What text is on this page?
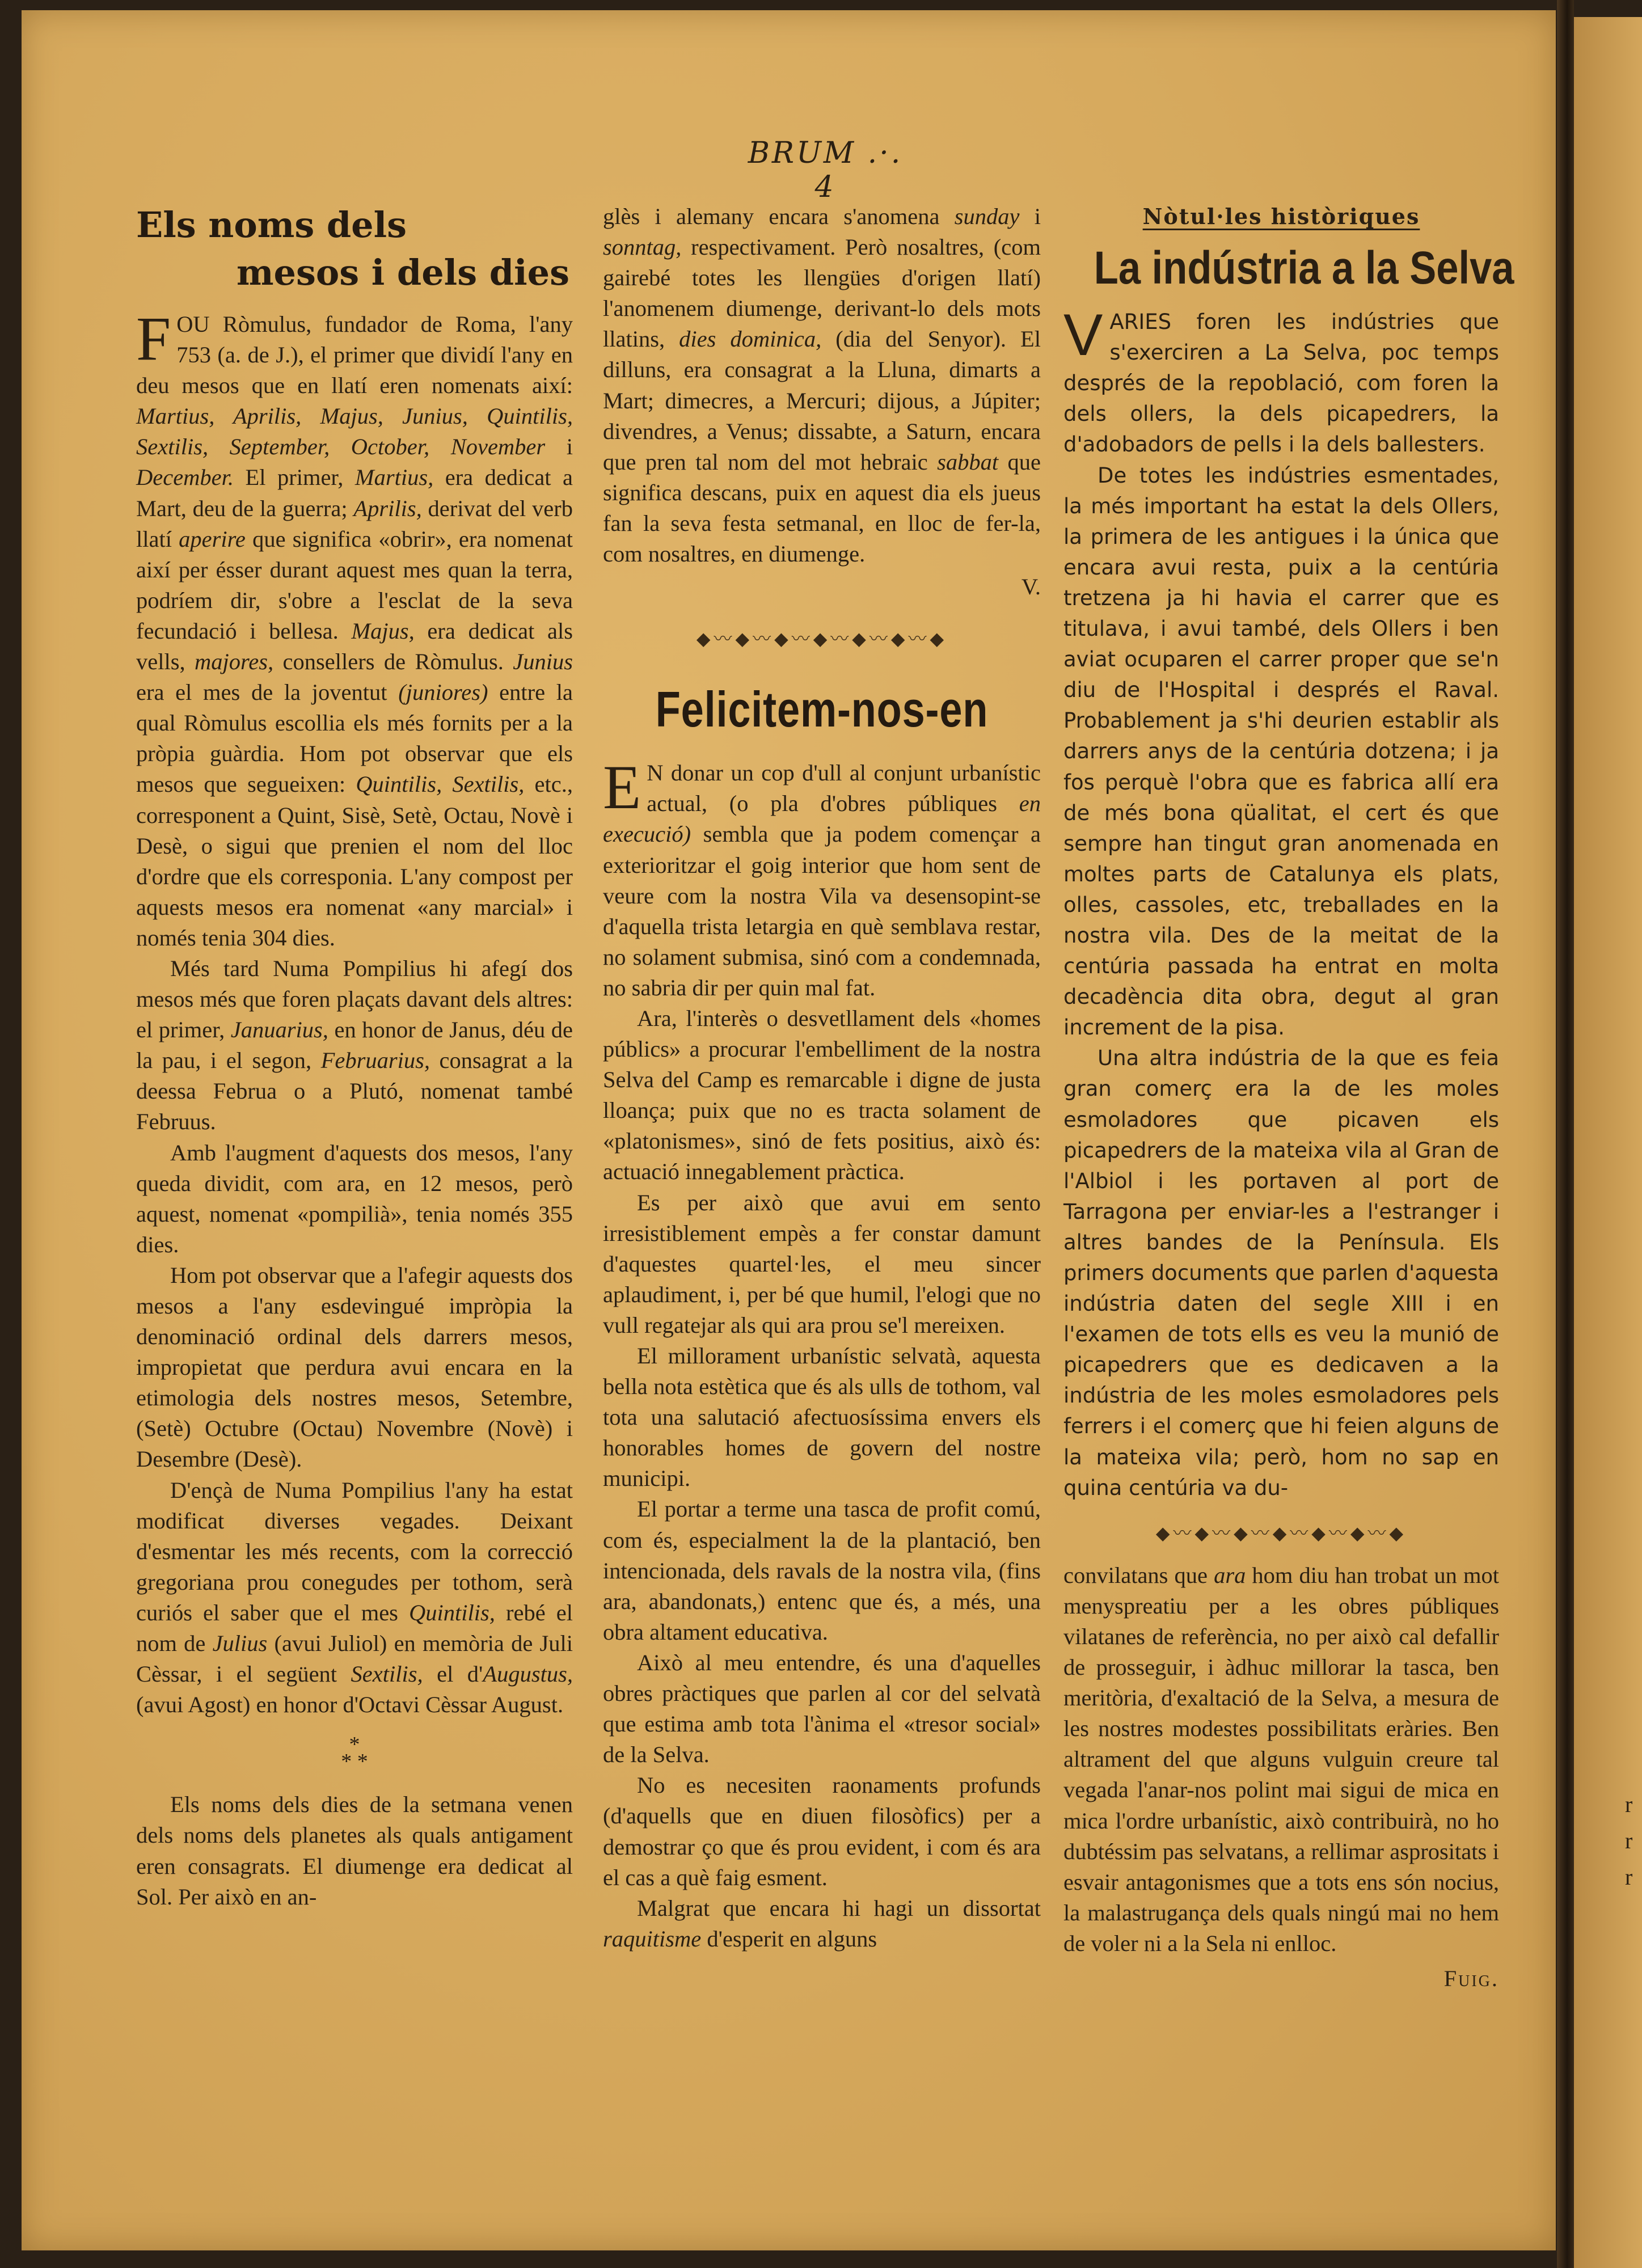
BRUM .·. 4
Els noms dels
mesos i dels dies

FOU Ròmulus, fundador de Roma, l'any 753 (a. de J.), el primer que dividí l'any en deu mesos que en llatí eren nomenats així: Martius, Aprilis, Majus, Junius, Quintilis, Sextilis, September, October, November i December. El primer, Martius, era dedicat a Mart, deu de la guerra; Aprilis, derivat del verb llatí aperire que significa «obrir», era nomenat així per ésser durant aquest mes quan la terra, podríem dir, s'obre a l'esclat de la seva fecundació i bellesa. Majus, era dedicat als vells, majores, consellers de Ròmulus. Junius era el mes de la joventut (juniores) entre la qual Ròmulus escollia els més fornits per a la pròpia guàrdia. Hom pot observar que els mesos que segueixen: Quintilis, Sextilis, etc., corresponent a Quint, Sisè, Setè, Octau, Novè i Desè, o sigui que prenien el nom del lloc d'ordre que els corresponia. L'any compost per aquests mesos era nomenat «any marcial» i només tenia 304 dies.

Més tard Numa Pompilius hi afegí dos mesos més que foren plaçats davant dels altres: el primer, Januarius, en honor de Janus, déu de la pau, i el segon, Februarius, consagrat a la deessa Februa o a Plutó, nomenat també Februus.

Amb l'augment d'aquests dos mesos, l'any queda dividit, com ara, en 12 mesos, però aquest, nomenat «pompilià», tenia només 355 dies.

Hom pot observar que a l'afegir aquests dos mesos a l'any esdevingué impròpia la denominació ordinal dels darrers mesos, impropietat que perdura avui encara en la etimologia dels nostres mesos, Setembre, (Setè) Octubre (Octau) Novembre (Novè) i Desembre (Desè).

D'ençà de Numa Pompilius l'any ha estat modificat diverses vegades. Deixant d'esmentar les més recents, com la correcció gregoriana prou conegudes per tothom, serà curiós el saber que el mes Quintilis, rebé el nom de Julius (avui Juliol) en memòria de Juli Cèssar, i el següent Sextilis, el d'Augustus, (avui Agost) en honor d'Octavi Cèssar August.

*
* *

Els noms dels dies de la setmana venen dels noms dels planetes als quals antigament eren consagrats. El diumenge era dedicat al Sol. Per això en an-

glès i alemany encara s'anomena sunday i sonntag, respectivament. Però nosaltres, (com gairebé totes les llengües d'origen llatí) l'anomenem diumenge, derivant-lo dels mots llatins, dies dominica, (dia del Senyor). El dilluns, era consagrat a la Lluna, dimarts a Mart; dimecres, a Mercuri; dijous, a Júpiter; divendres, a Venus; dissabte, a Saturn, encara que pren tal nom del mot hebraic sabbat que significa descans, puix en aquest dia els jueus fan la seva festa setmanal, en lloc de fer-la, com nosaltres, en diumenge.

V.
◆〰◆〰◆〰◆〰◆〰◆〰◆
Felicitem-nos-en

E N donar un cop d'ull al conjunt urbanístic actual, (o pla d'obres públiques en execució) sembla que ja podem començar a exterioritzar el goig interior que hom sent de veure com la nostra Vila va desensopint-se d'aquella trista letargia en què semblava restar, no solament submisa, sinó com a condemnada, no sabria dir per quin mal fat.

Ara, l'interès o desvetllament dels «homes públics» a procurar l'embelliment de la nostra Selva del Camp es remarcable i digne de justa lloança; puix que no es tracta solament de «platonismes», sinó de fets positius, això és: actuació innegablement pràctica.

Es per això que avui em sento irresistiblement empès a fer constar damunt d'aquestes quartel·les, el meu sincer aplaudiment, i, per bé que humil, l'elogi que no vull regatejar als qui ara prou se'l mereixen.

El millorament urbanístic selvatà, aquesta bella nota estètica que és als ulls de tothom, val tota una salutació afectuosíssima envers els honorables homes de govern del nostre municipi.

El portar a terme una tasca de profit comú, com és, especialment la de la plantació, ben intencionada, dels ravals de la nostra vila, (fins ara, abandonats,) entenc que és, a més, una obra altament educativa.

Això al meu entendre, és una d'aquelles obres pràctiques que parlen al cor del selvatà que estima amb tota l'ànima el «tresor social» de la Selva.

No es necesiten raonaments profunds (d'aquells que en diuen filosòfics) per a demostrar ço que és prou evident, i com és ara el cas a què faig esment.

Malgrat que encara hi hagi un dissortat raquitisme d'esperit en alguns

Nòtul·les històriques
La indústria a la Selva

VARIES foren les indústries que s'exerciren a La Selva, poc temps després de la repoblació, com foren la dels ollers, la dels picapedrers, la d'adobadors de pells i la dels ballesters.

De totes les indústries esmentades, la més important ha estat la dels Ollers, la primera de les antigues i la única que encara avui resta, puix a la centúria tretzena ja hi havia el carrer que es titulava, i avui també, dels Ollers i ben aviat ocuparen el carrer proper que se'n diu de l'Hospital i després el Raval. Probablement ja s'hi deurien establir als darrers anys de la centúria dotzena; i ja fos perquè l'obra que es fabrica allí era de més bona qüalitat, el cert és que sempre han tingut gran anomenada en moltes parts de Catalunya els plats, olles, cassoles, etc, treballades en la nostra vila. Des de la meitat de la centúria passada ha entrat en molta decadència dita obra, degut al gran increment de la pisa.

Una altra indústria de la que es feia gran comerç era la de les moles esmoladores que picaven els picapedrers de la mateixa vila al Gran de l'Albiol i les portaven al port de Tarragona per enviar-les a l'estranger i altres bandes de la Península. Els primers documents que parlen d'aquesta indústria daten del segle XIII i en l'examen de tots ells es veu la munió de picapedrers que es dedicaven a la indústria de les moles esmoladores pels ferrers i el comerç que hi feien alguns de la mateixa vila; però, hom no sap en quina centúria va du-

◆〰◆〰◆〰◆〰◆〰◆〰◆

convilatans que ara hom diu han trobat un mot menyspreatiu per a les obres públiques vilatanes de referència, no per això cal defallir de prosseguir, i àdhuc millorar la tasca, ben meritòria, d'exaltació de la Selva, a mesura de les nostres modestes possibilitats eràries. Ben altrament del que alguns vulguin creure tal vegada l'anar-nos polint mai sigui de mica en mica l'ordre urbanístic, això contribuirà, no ho dubtéssim pas selvatans, a rellimar asprositats i esvair antagonismes que a tots ens són nocius, la malastrugança dels quals ningú mai no hem de voler ni a la Sela ni enlloc.

Fuig.
r
r
r
